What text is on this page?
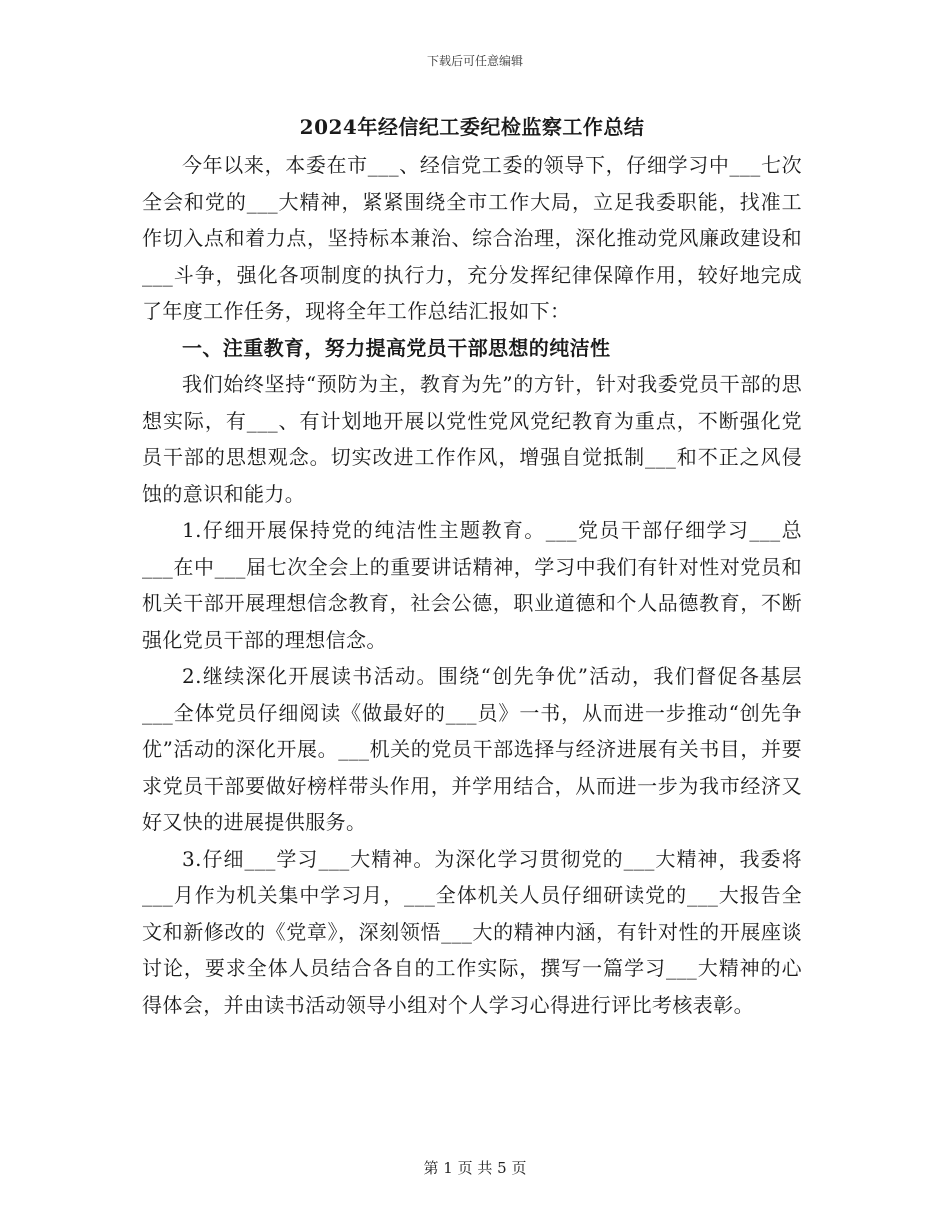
下载后可任意编辑
2024年经信纪工委纪检监察工作总结

今年以来，本委在市___、经信党工委的领导下，仔细学习中___七次全会和党的___大精神，紧紧围绕全市工作大局，立足我委职能，找准工作切入点和着力点，坚持标本兼治、综合治理，深化推动党风廉政建设和___斗争，强化各项制度的执行力，充分发挥纪律保障作用，较好地完成了年度工作任务，现将全年工作总结汇报如下：

一、注重教育，努力提高党员干部思想的纯洁性

我们始终坚持“预防为主，教育为先”的方针，针对我委党员干部的思想实际，有___、有计划地开展以党性党风党纪教育为重点，不断强化党员干部的思想观念。切实改进工作作风，增强自觉抵制___和不正之风侵蚀的意识和能力。

1.仔细开展保持党的纯洁性主题教育。___党员干部仔细学习___总___在中___届七次全会上的重要讲话精神，学习中我们有针对性对党员和机关干部开展理想信念教育，社会公德，职业道德和个人品德教育，不断强化党员干部的理想信念。

2.继续深化开展读书活动。围绕“创先争优”活动，我们督促各基层___全体党员仔细阅读《做最好的___员》一书，从而进一步推动“创先争优”活动的深化开展。___机关的党员干部选择与经济进展有关书目，并要求党员干部要做好榜样带头作用，并学用结合，从而进一步为我市经济又好又快的进展提供服务。

3.仔细___学习___大精神。为深化学习贯彻党的___大精神，我委将___月作为机关集中学习月，___全体机关人员仔细研读党的___大报告全文和新修改的《党章》，深刻领悟___大的精神内涵，有针对性的开展座谈讨论，要求全体人员结合各自的工作实际，撰写一篇学习___大精神的心得体会，并由读书活动领导小组对个人学习心得进行评比考核表彰。

第 1 页 共 5 页
